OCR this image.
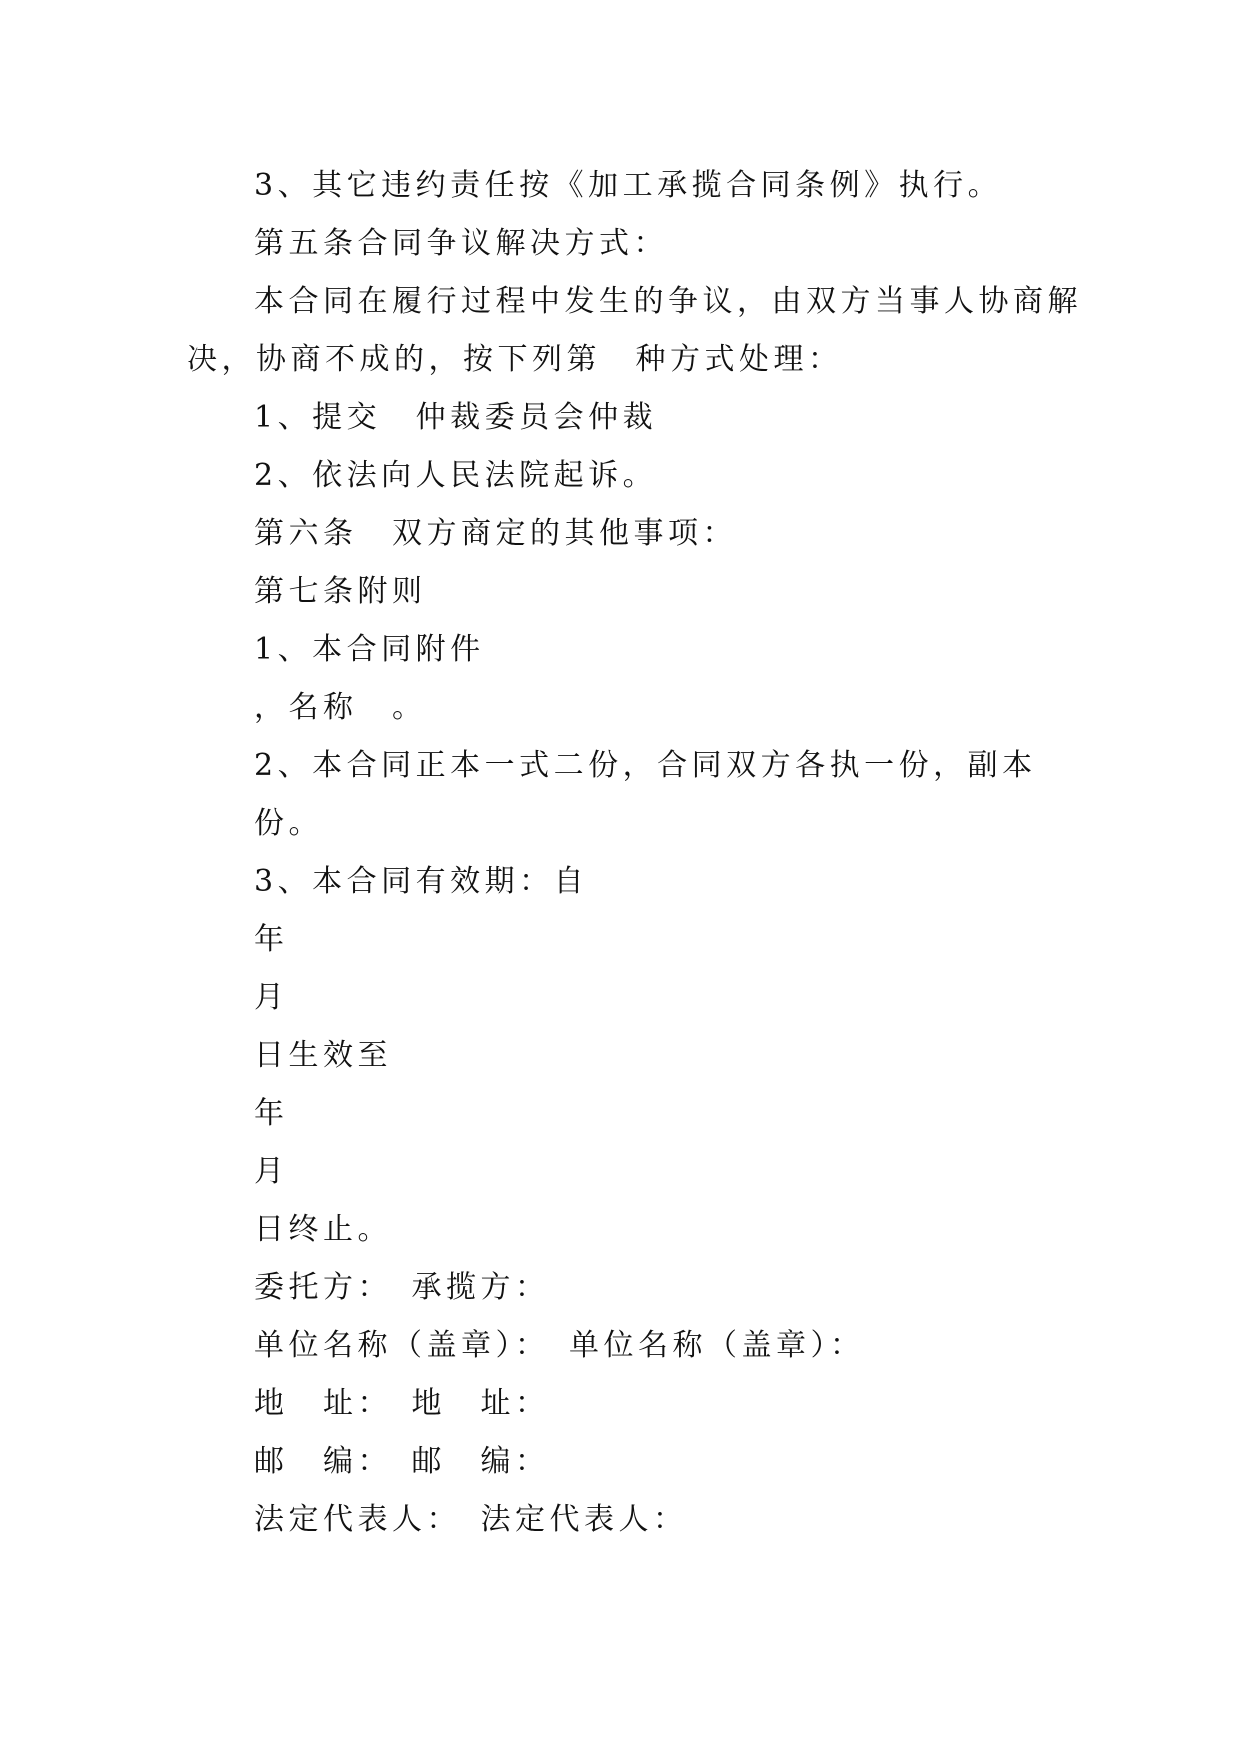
3、其它违约责任按《加工承揽合同条例》执行。
第五条合同争议解决方式：
本合同在履行过程中发生的争议，由双方当事人协商解
决，协商不成的，按下列第　种方式处理：
1、提交　仲裁委员会仲裁
2、依法向人民法院起诉。
第六条　双方商定的其他事项：
第七条附则
1、本合同附件
，名称　。
2、本合同正本一式二份，合同双方各执一份，副本
份。
3、本合同有效期：自
年
月
日生效至
年
月
日终止。
委托方：　承揽方：
单位名称（盖章）：　单位名称（盖章）：
地　址：　地　址：
邮　编：　邮　编：
法定代表人：　法定代表人：
